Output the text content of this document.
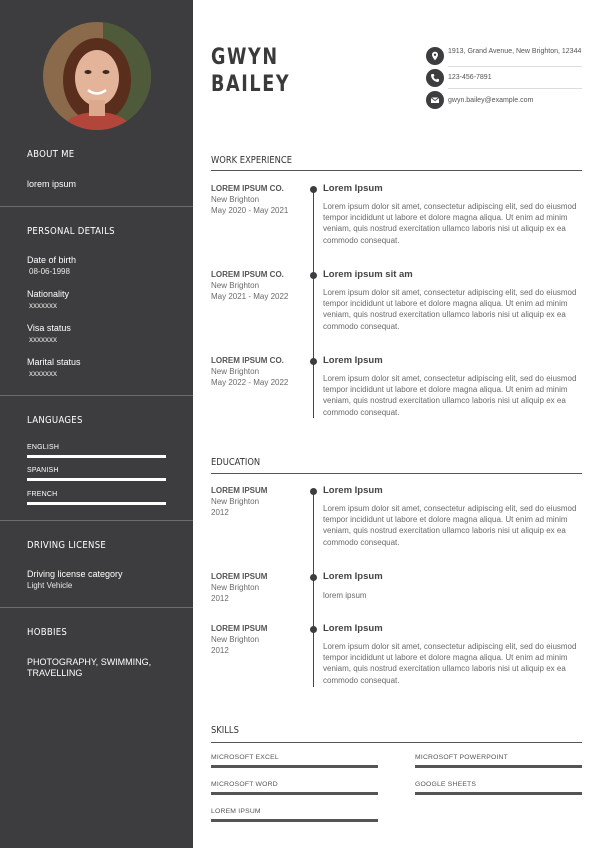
ABOUT ME
lorem ipsum
PERSONAL DETAILS
Date of birth
08-06-1998
Nationality
xxxxxxx
Visa status
xxxxxxx
Marital status
xxxxxxx
LANGUAGES
ENGLISH
SPANISH
FRENCH
DRIVING LICENSE
Driving license category
Light Vehicle
HOBBIES
PHOTOGRAPHY, SWIMMING,
TRAVELLING
GWYN
BAILEY
1913, Grand Avenue, New Brighton, 12344
123-456-7891
gwyn.bailey@example.com
WORK EXPERIENCE
LOREM IPSUM CO.
New Brighton
May 2020 - May 2021
Lorem Ipsum
Lorem ipsum dolor sit amet, consectetur adipiscing elit, sed do eiusmod tempor incididunt ut labore et dolore magna aliqua. Ut enim ad minim veniam, quis nostrud exercitation ullamco laboris nisi ut aliquip ex ea commodo consequat.
LOREM IPSUM CO.
New Brighton
May 2021 - May 2022
Lorem ipsum sit am
Lorem ipsum dolor sit amet, consectetur adipiscing elit, sed do eiusmod tempor incididunt ut labore et dolore magna aliqua. Ut enim ad minim veniam, quis nostrud exercitation ullamco laboris nisi ut aliquip ex ea commodo consequat.
LOREM IPSUM CO.
New Brighton
May 2022 - May 2022
Lorem Ipsum
Lorem ipsum dolor sit amet, consectetur adipiscing elit, sed do eiusmod tempor incididunt ut labore et dolore magna aliqua. Ut enim ad minim veniam, quis nostrud exercitation ullamco laboris nisi ut aliquip ex ea commodo consequat.
EDUCATION
LOREM IPSUM
New Brighton
2012
Lorem Ipsum
Lorem ipsum dolor sit amet, consectetur adipiscing elit, sed do eiusmod tempor incididunt ut labore et dolore magna aliqua. Ut enim ad minim veniam, quis nostrud exercitation ullamco laboris nisi ut aliquip ex ea commodo consequat.
LOREM IPSUM
New Brighton
2012
Lorem Ipsum
lorem ipsum
LOREM IPSUM
New Brighton
2012
Lorem Ipsum
Lorem ipsum dolor sit amet, consectetur adipiscing elit, sed do eiusmod tempor incididunt ut labore et dolore magna aliqua. Ut enim ad minim veniam, quis nostrud exercitation ullamco laboris nisi ut aliquip ex ea commodo consequat.
SKILLS
MICROSOFT EXCEL	MICROSOFT POWERPOINT
MICROSOFT WORD	GOOGLE SHEETS
LOREM IPSUM
